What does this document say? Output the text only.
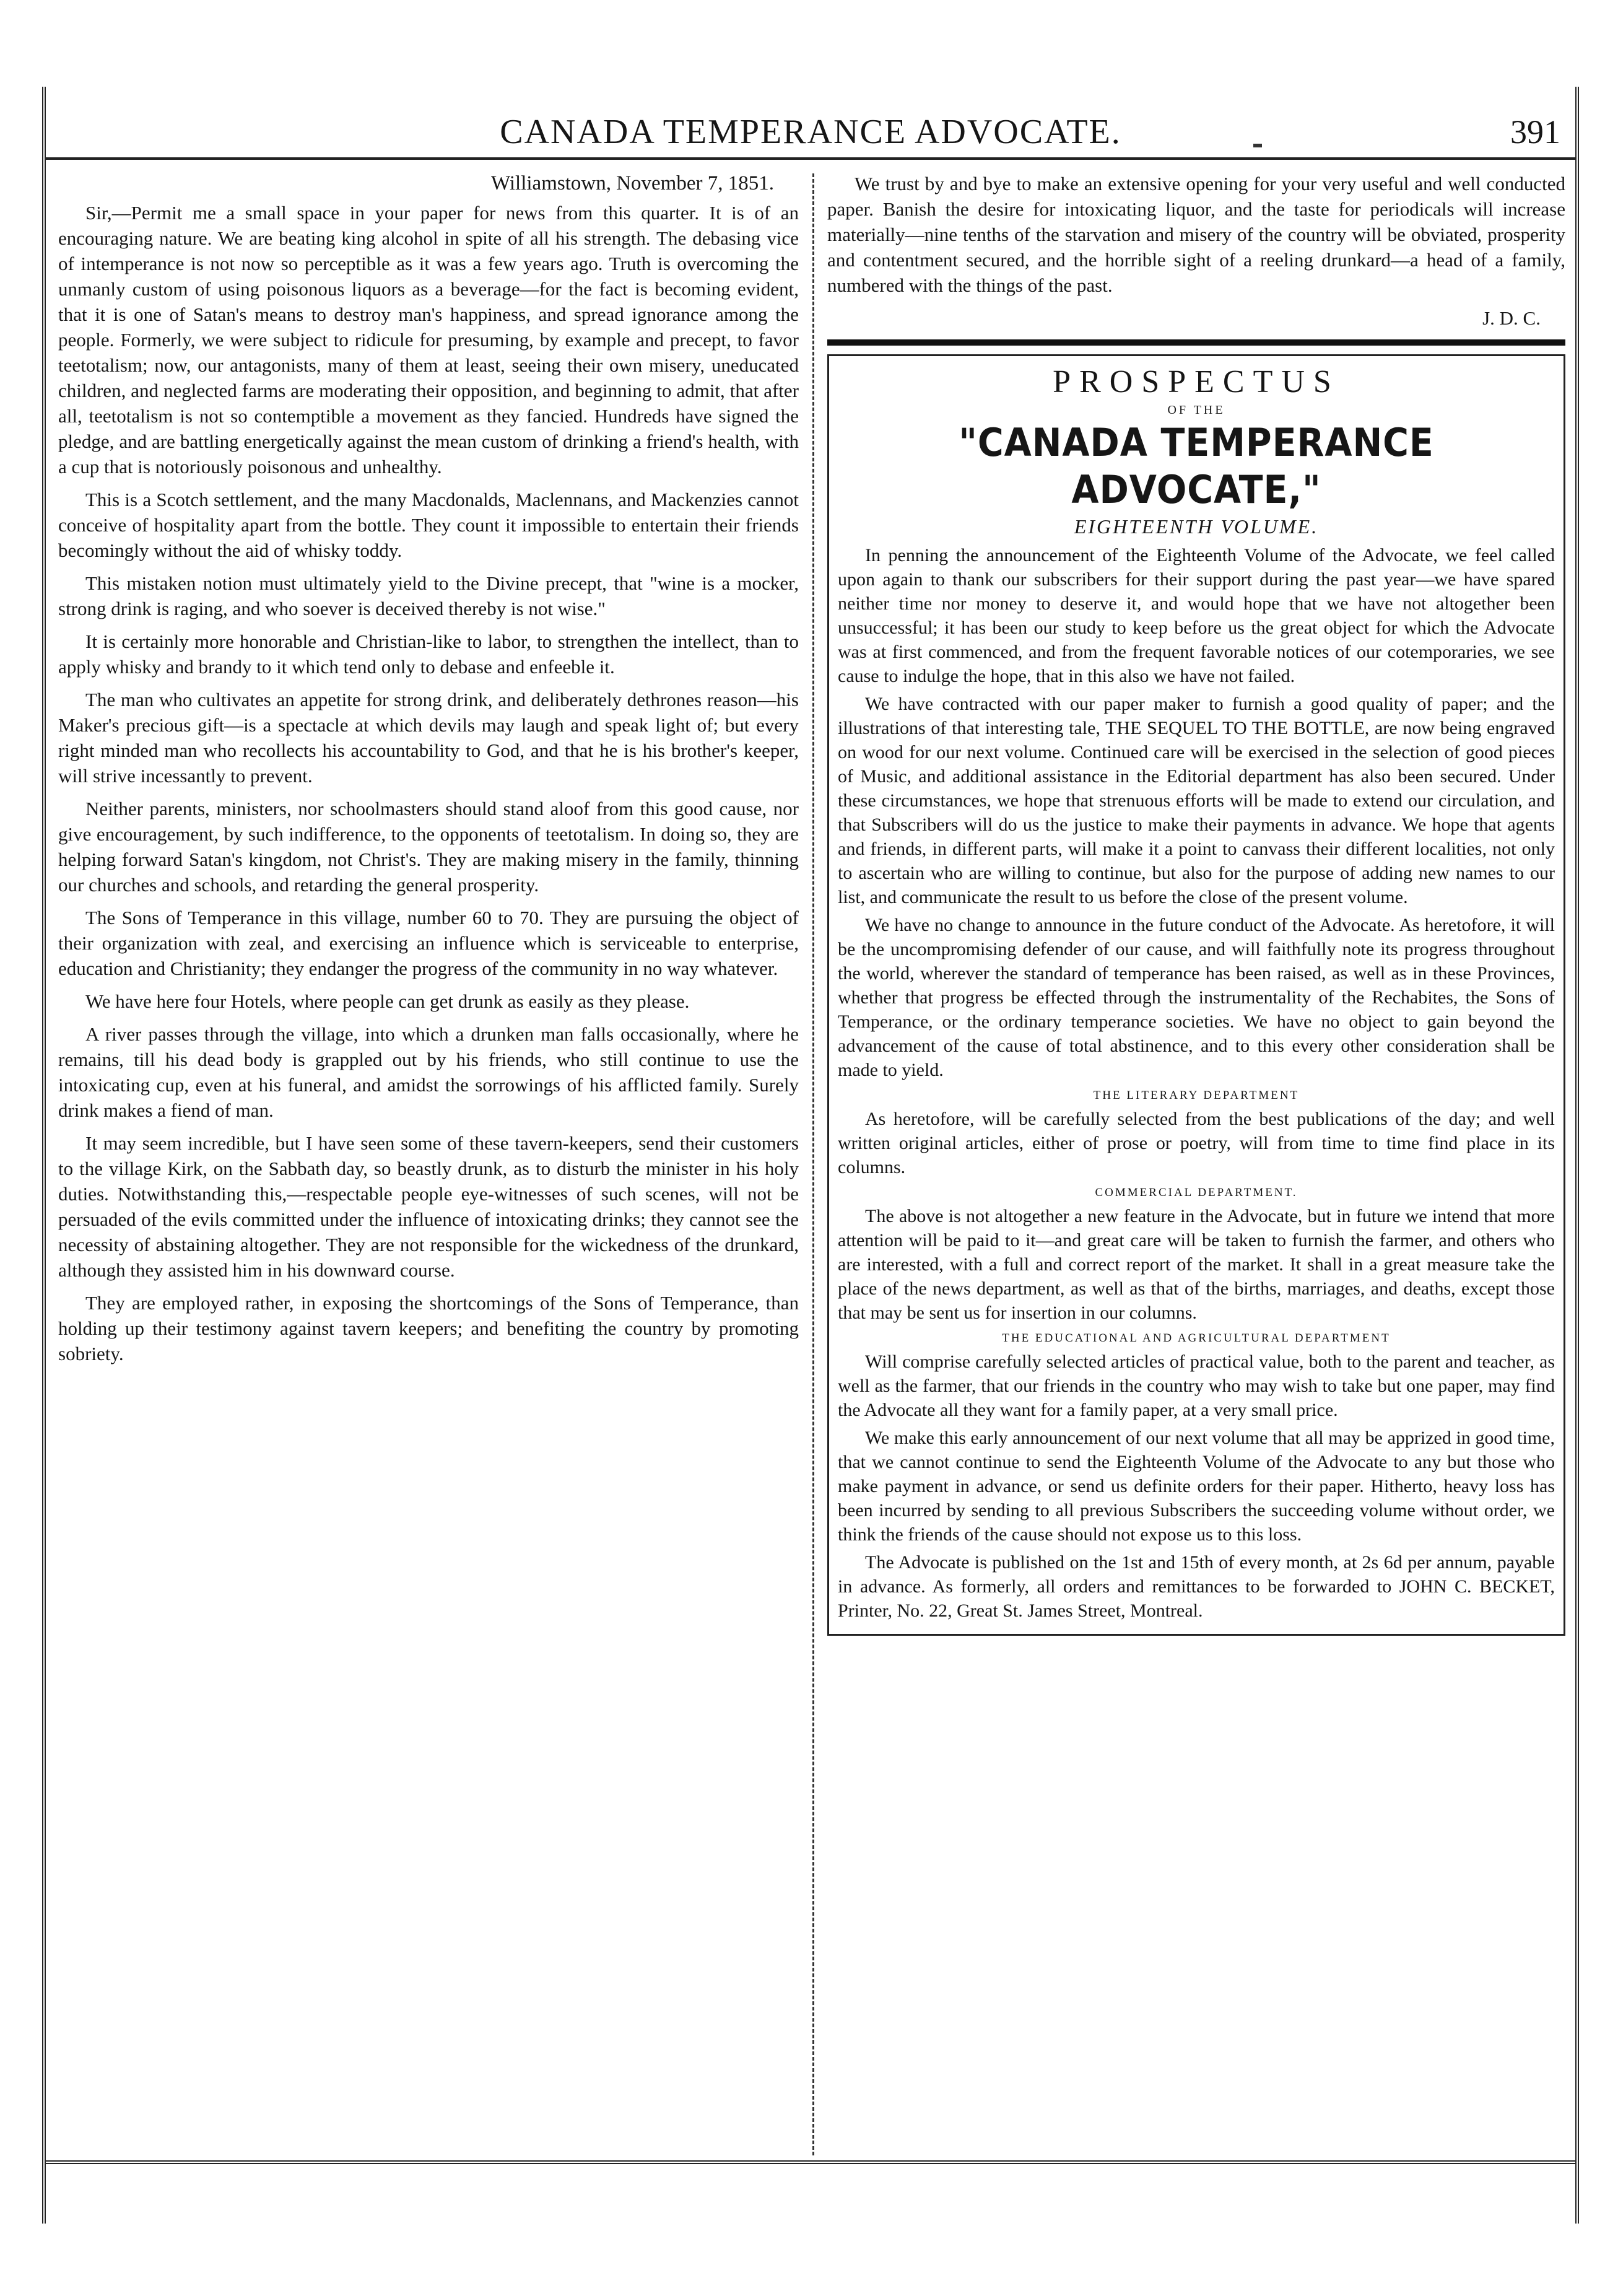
CANADA TEMPERANCE ADVOCATE.	391

Williamstown, November 7, 1851.

Sir,—Permit me a small space in your paper for news from this quarter. It is of an encouraging nature. We are beating king alcohol in spite of all his strength. The debasing vice of intemperance is not now so perceptible as it was a few years ago. Truth is overcoming the unmanly custom of using poisonous liquors as a beverage—for the fact is becoming evident, that it is one of Satan's means to destroy man's happiness, and spread ignorance among the people. Formerly, we were subject to ridicule for presuming, by example and precept, to favor teetotalism; now, our antagonists, many of them at least, seeing their own misery, uneducated children, and neglected farms are moderating their opposition, and beginning to admit, that after all, teetotalism is not so contemptible a movement as they fancied. Hundreds have signed the pledge, and are battling energetically against the mean custom of drinking a friend's health, with a cup that is notoriously poisonous and unhealthy.

This is a Scotch settlement, and the many Macdonalds, Maclennans, and Mackenzies cannot conceive of hospitality apart from the bottle. They count it impossible to entertain their friends becomingly without the aid of whisky toddy.

This mistaken notion must ultimately yield to the Divine precept, that "wine is a mocker, strong drink is raging, and who soever is deceived thereby is not wise."

It is certainly more honorable and Christian-like to labor, to strengthen the intellect, than to apply whisky and brandy to it which tend only to debase and enfeeble it.

The man who cultivates an appetite for strong drink, and deliberately dethrones reason—his Maker's precious gift—is a spectacle at which devils may laugh and speak light of; but every right minded man who recollects his accountability to God, and that he is his brother's keeper, will strive incessantly to prevent.

Neither parents, ministers, nor schoolmasters should stand aloof from this good cause, nor give encouragement, by such indifference, to the opponents of teetotalism. In doing so, they are helping forward Satan's kingdom, not Christ's. They are making misery in the family, thinning our churches and schools, and retarding the general prosperity.

The Sons of Temperance in this village, number 60 to 70. They are pursuing the object of their organization with zeal, and exercising an influence which is serviceable to enterprise, education and Christianity; they endanger the progress of the community in no way whatever.

We have here four Hotels, where people can get drunk as easily as they please.

A river passes through the village, into which a drunken man falls occasionally, where he remains, till his dead body is grappled out by his friends, who still continue to use the intoxicating cup, even at his funeral, and amidst the sorrowings of his afflicted family. Surely drink makes a fiend of man.

It may seem incredible, but I have seen some of these tavern-keepers, send their customers to the village Kirk, on the Sabbath day, so beastly drunk, as to disturb the minister in his holy duties. Notwithstanding this,—respectable people eye-witnesses of such scenes, will not be persuaded of the evils committed under the influence of intoxicating drinks; they cannot see the necessity of abstaining altogether. They are not responsible for the wickedness of the drunkard, although they assisted him in his downward course.

They are employed rather, in exposing the shortcomings of the Sons of Temperance, than holding up their testimony against tavern keepers; and benefiting the country by promoting sobriety.

We trust by and bye to make an extensive opening for your very useful and well conducted paper. Banish the desire for intoxicating liquor, and the taste for periodicals will increase materially—nine tenths of the starvation and misery of the country will be obviated, prosperity and contentment secured, and the horrible sight of a reeling drunkard—a head of a family, numbered with the things of the past.

J. D. C.

PROSPECTUS
OF THE
"CANADA TEMPERANCE ADVOCATE,"
EIGHTEENTH VOLUME.

In penning the announcement of the Eighteenth Volume of the Advocate, we feel called upon again to thank our subscribers for their support during the past year—we have spared neither time nor money to deserve it, and would hope that we have not altogether been unsuccessful; it has been our study to keep before us the great object for which the Advocate was at first commenced, and from the frequent favorable notices of our cotemporaries, we see cause to indulge the hope, that in this also we have not failed.

We have contracted with our paper maker to furnish a good quality of paper; and the illustrations of that interesting tale, THE SEQUEL TO THE BOTTLE, are now being engraved on wood for our next volume. Continued care will be exercised in the selection of good pieces of Music, and additional assistance in the Editorial department has also been secured. Under these circumstances, we hope that strenuous efforts will be made to extend our circulation, and that Subscribers will do us the justice to make their payments in advance. We hope that agents and friends, in different parts, will make it a point to canvass their different localities, not only to ascertain who are willing to continue, but also for the purpose of adding new names to our list, and communicate the result to us before the close of the present volume.

We have no change to announce in the future conduct of the Advocate. As heretofore, it will be the uncompromising defender of our cause, and will faithfully note its progress throughout the world, wherever the standard of temperance has been raised, as well as in these Provinces, whether that progress be effected through the instrumentality of the Rechabites, the Sons of Temperance, or the ordinary temperance societies. We have no object to gain beyond the advancement of the cause of total abstinence, and to this every other consideration shall be made to yield.

THE LITERARY DEPARTMENT

As heretofore, will be carefully selected from the best publications of the day; and well written original articles, either of prose or poetry, will from time to time find place in its columns.

COMMERCIAL DEPARTMENT.

The above is not altogether a new feature in the Advocate, but in future we intend that more attention will be paid to it—and great care will be taken to furnish the farmer, and others who are interested, with a full and correct report of the market. It shall in a great measure take the place of the news department, as well as that of the births, marriages, and deaths, except those that may be sent us for insertion in our columns.

THE EDUCATIONAL AND AGRICULTURAL DEPARTMENT

Will comprise carefully selected articles of practical value, both to the parent and teacher, as well as the farmer, that our friends in the country who may wish to take but one paper, may find the Advocate all they want for a family paper, at a very small price.

We make this early announcement of our next volume that all may be apprized in good time, that we cannot continue to send the Eighteenth Volume of the Advocate to any but those who make payment in advance, or send us definite orders for their paper. Hitherto, heavy loss has been incurred by sending to all previous Subscribers the succeeding volume without order, we think the friends of the cause should not expose us to this loss.

The Advocate is published on the 1st and 15th of every month, at 2s 6d per annum, payable in advance. As formerly, all orders and remittances to be forwarded to JOHN C. BECKET, Printer, No. 22, Great St. James Street, Montreal.
